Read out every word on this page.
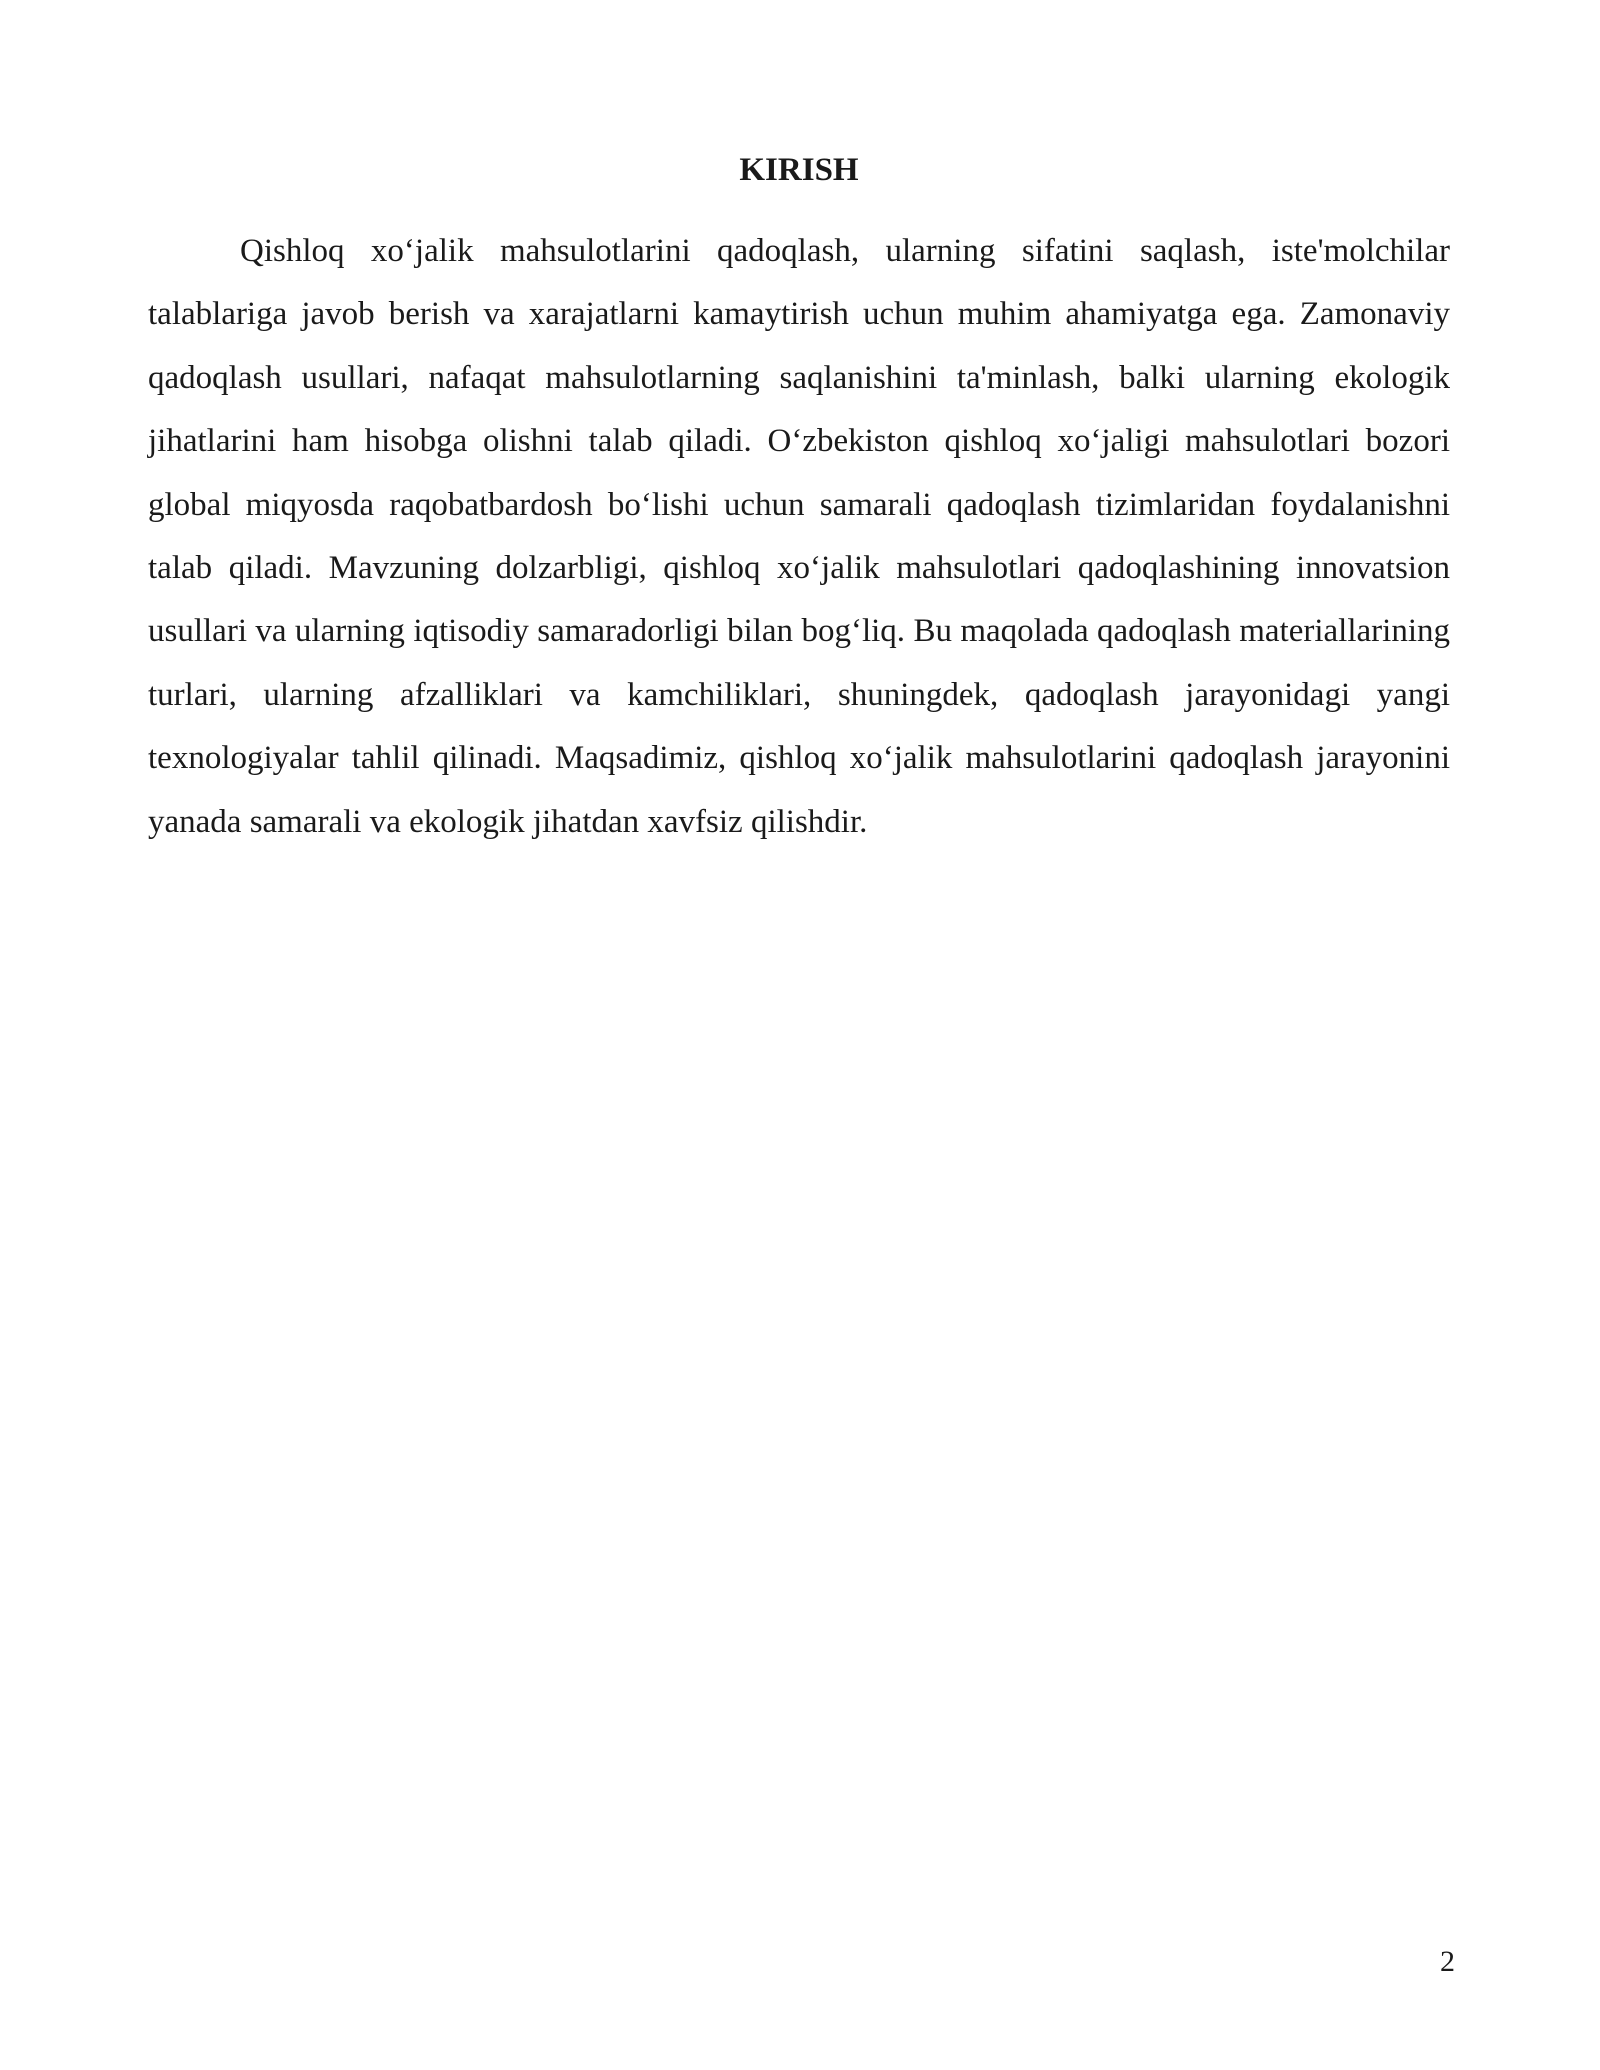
KIRISH

Qishloq xo‘jalik mahsulotlarini qadoqlash, ularning sifatini saqlash, iste'molchilar talablariga javob berish va xarajatlarni kamaytirish uchun muhim ahamiyatga ega. Zamonaviy qadoqlash usullari, nafaqat mahsulotlarning saqlanishini ta'minlash, balki ularning ekologik jihatlarini ham hisobga olishni talab qiladi. O‘zbekiston qishloq xo‘jaligi mahsulotlari bozori global miqyosda raqobatbardosh bo‘lishi uchun samarali qadoqlash tizimlaridan foydalanishni talab qiladi. Mavzuning dolzarbligi, qishloq xo‘jalik mahsulotlari qadoqlashining innovatsion usullari va ularning iqtisodiy samaradorligi bilan bog‘liq. Bu maqolada qadoqlash materiallarining turlari, ularning afzalliklari va kamchiliklari, shuningdek, qadoqlash jarayonidagi yangi texnologiyalar tahlil qilinadi. Maqsadimiz, qishloq xo‘jalik mahsulotlarini qadoqlash jarayonini yanada samarali va ekologik jihatdan xavfsiz qilishdir.

2
